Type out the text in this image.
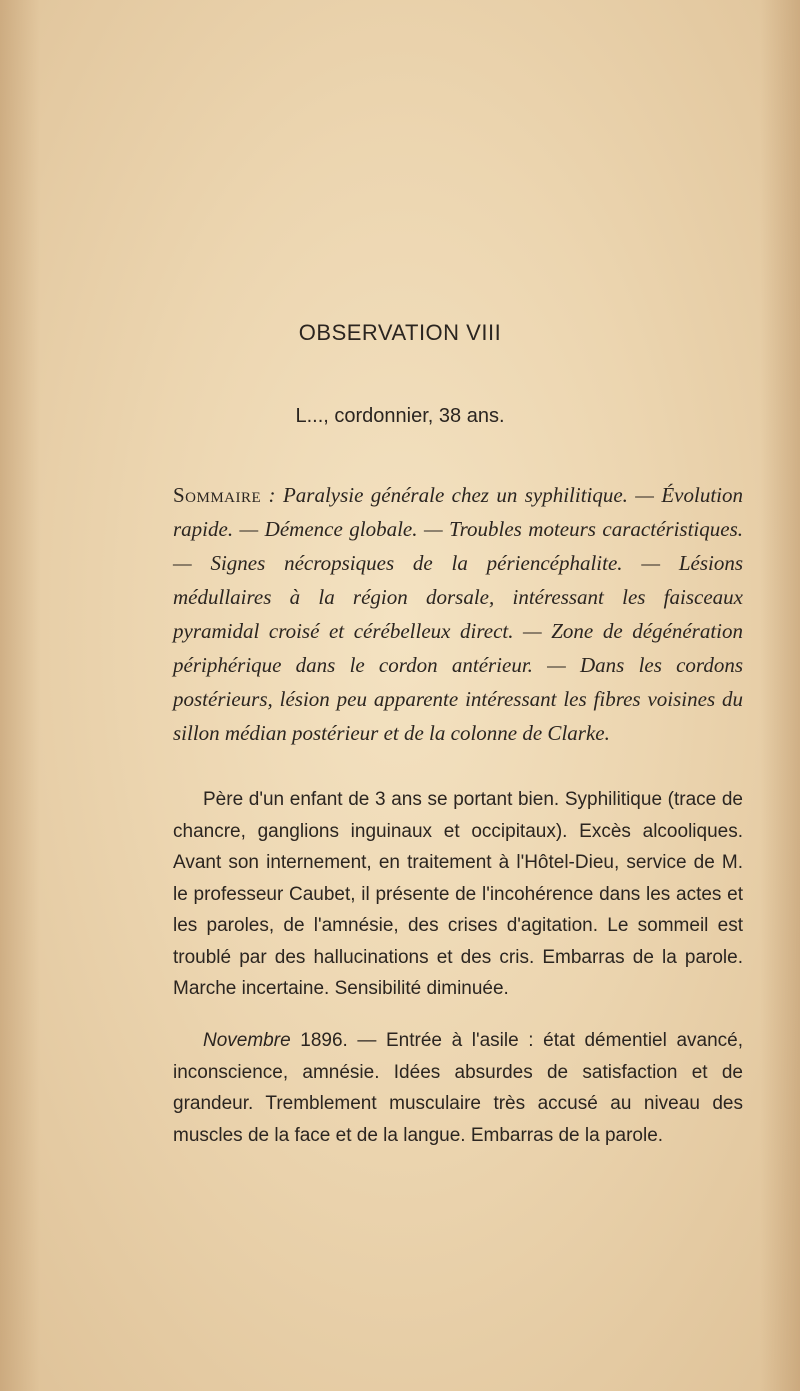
OBSERVATION VIII
L..., cordonnier, 38 ans.
Sommaire : Paralysie générale chez un syphilitique. — Évolution rapide. — Démence globale. — Troubles moteurs caractéristiques. — Signes nécropsiques de la périencéphalite. — Lésions médullaires à la région dorsale, intéressant les faisceaux pyramidal croisé et cérébelleux direct. — Zone de dégénération périphérique dans le cordon antérieur. — Dans les cordons postérieurs, lésion peu apparente intéressant les fibres voisines du sillon médian postérieur et de la colonne de Clarke.
Père d'un enfant de 3 ans se portant bien. Syphilitique (trace de chancre, ganglions inguinaux et occipitaux). Excès alcooliques. Avant son internement, en traitement à l'Hôtel-Dieu, service de M. le professeur Caubet, il présente de l'incohérence dans les actes et les paroles, de l'amnésie, des crises d'agitation. Le sommeil est troublé par des hallucinations et des cris. Embarras de la parole. Marche incertaine. Sensibilité diminuée.
Novembre 1896. — Entrée à l'asile : état démentiel avancé, inconscience, amnésie. Idées absurdes de satisfaction et de grandeur. Tremblement musculaire très accusé au niveau des muscles de la face et de la langue. Embarras de la parole.
